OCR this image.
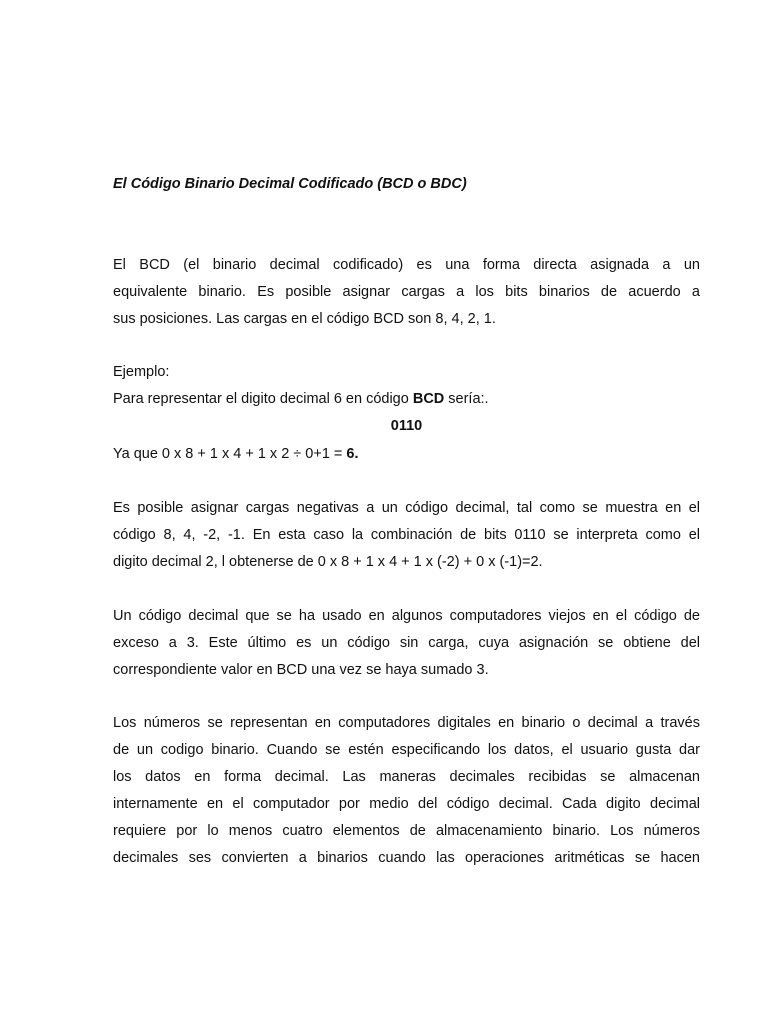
El Código Binario Decimal Codificado (BCD o BDC)
El BCD (el binario decimal codificado) es una forma directa asignada a un
equivalente binario. Es posible asignar cargas a los bits binarios de acuerdo a
sus posiciones. Las cargas en el código BCD son 8, 4, 2, 1.
Ejemplo:
Para representar el digito decimal 6 en código BCD sería:.
0110
Ya que 0 x 8 + 1 x 4 + 1 x 2 ÷ 0+1 = 6.
Es posible asignar cargas negativas a un código decimal, tal como se muestra en el
código 8, 4, -2, -1. En esta caso la combinación de bits 0110 se interpreta como el
digito decimal 2, l obtenerse de 0 x 8 + 1 x 4 + 1 x (-2) + 0 x (-1)=2.
Un código decimal que se ha usado en algunos computadores viejos en el código de
exceso a 3. Este último es un código sin carga, cuya asignación se obtiene del
correspondiente valor en BCD una vez se haya sumado 3.
Los números se representan en computadores digitales en binario o decimal a través
de un codigo binario. Cuando se estén especificando los datos, el usuario gusta dar
los datos en forma decimal. Las maneras decimales recibidas se almacenan
internamente en el computador por medio del código decimal. Cada digito decimal
requiere por lo menos cuatro elementos de almacenamiento binario. Los números
decimales ses convierten a binarios cuando las operaciones aritméticas se hacen
